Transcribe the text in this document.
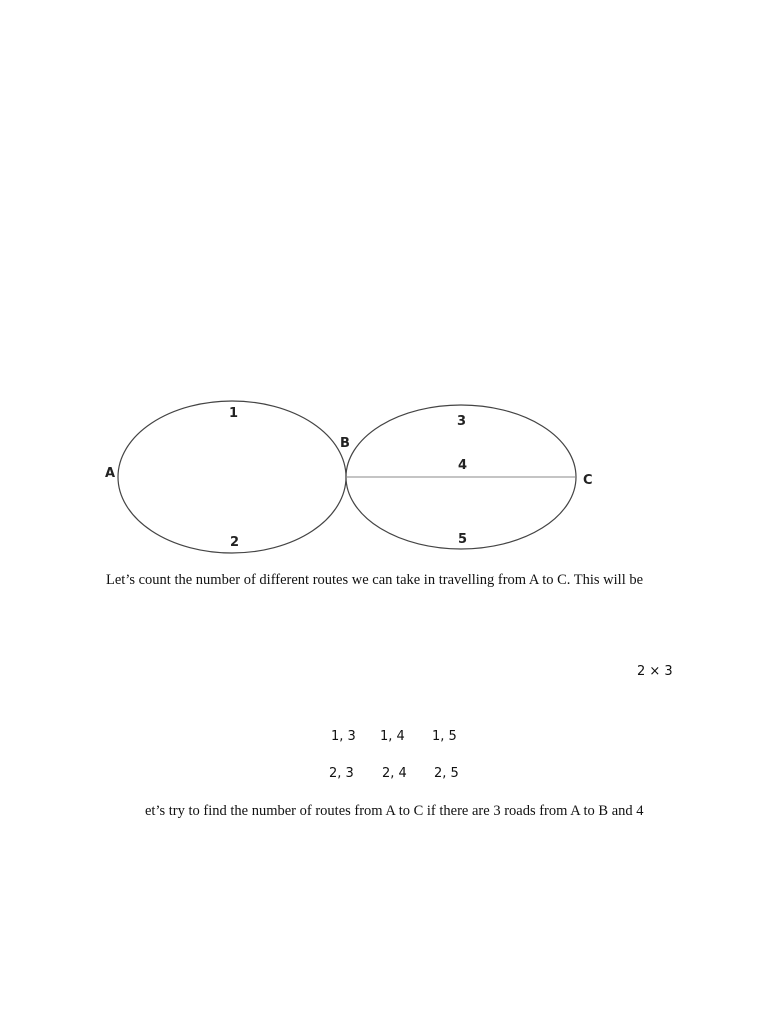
A
B
C
1
2
3
4
5
Let’s count the number of different routes we can take in travelling from A to C. This will be
2 × 3
1, 3 1, 4 1, 5
2, 3 2, 4 2, 5
et’s try to find the number of routes from A to C if there are 3 roads from A to B and 4
